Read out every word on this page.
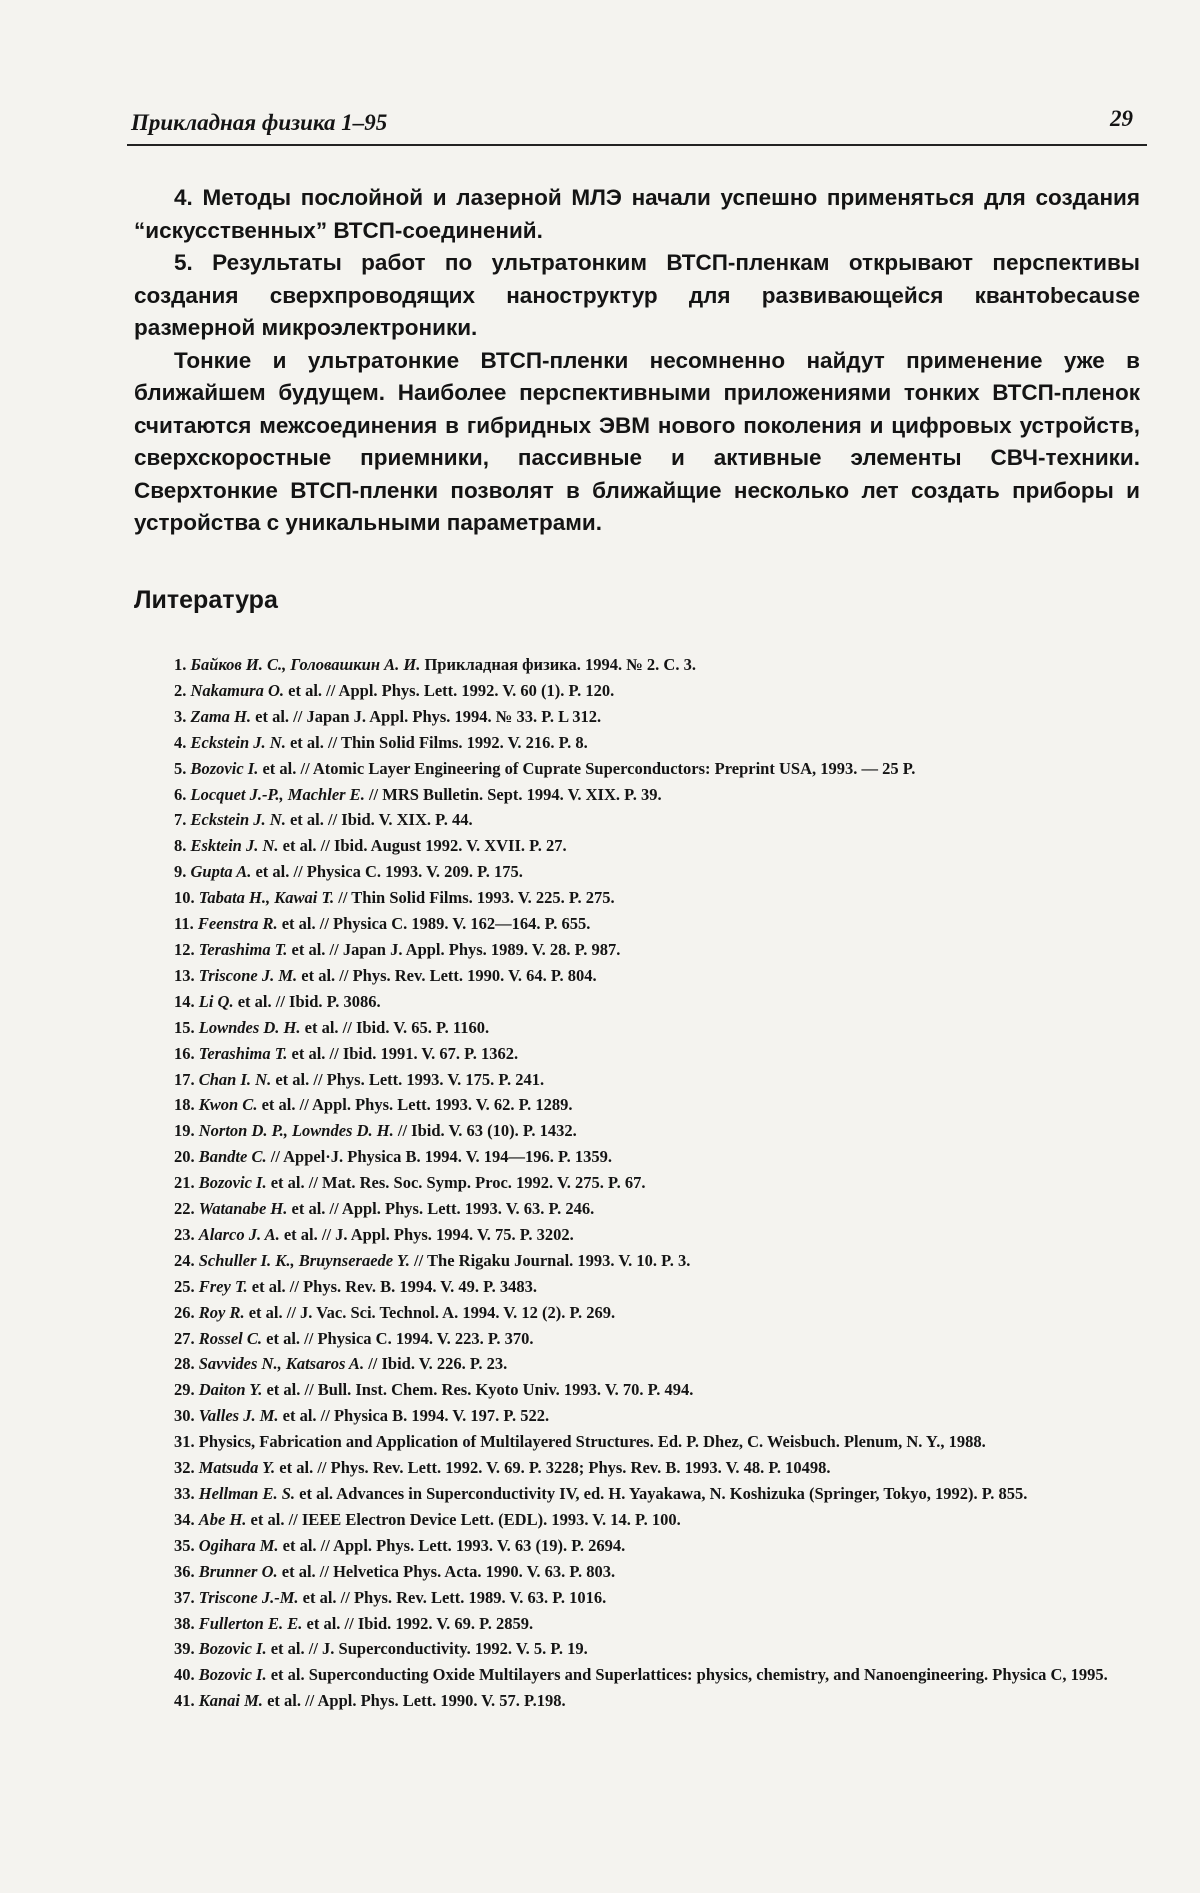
Прикладная физика 1–95	29

4. Методы послойной и лазерной МЛЭ начали успешно применяться для создания “искусственных” ВТСП-соединений.

5. Результаты работ по ультратонким ВТСП-пленкам открывают перспективы создания сверхпроводящих наноструктур для развивающейся квантоbecause размерной микроэлектроники.

Тонкие и ультратонкие ВТСП-пленки несомненно найдут применение уже в ближайшем будущем. Наиболее перспективными приложениями тонких ВТСП-пленок считаются межсоединения в гибридных ЭВМ нового поколения и цифровых устройств, сверхскоростные приемники, пассивные и активные элементы СВЧ-техники. Сверхтонкие ВТСП-пленки позволят в ближайщие несколько лет создать приборы и устройства с уникальными параметрами.

Литература
1. Байков И. С., Головашкин А. И. Прикладная физика. 1994. № 2. С. 3.
2. Nakamura O. et al. // Appl. Phys. Lett. 1992. V. 60 (1). P. 120.
3. Zama H. et al. // Japan J. Appl. Phys. 1994. № 33. P. L 312.
4. Eckstein J. N. et al. // Thin Solid Films. 1992. V. 216. P. 8.
5. Bozovic I. et al. // Atomic Layer Engineering of Cuprate Superconductors: Preprint USA, 1993. — 25 P.
6. Locquet J.-P., Machler E. // MRS Bulletin. Sept. 1994. V. XIX. P. 39.
7. Eckstein J. N. et al. // Ibid. V. XIX. P. 44.
8. Esktein J. N. et al. // Ibid. August 1992. V. XVII. P. 27.
9. Gupta A. et al. // Physica C. 1993. V. 209. P. 175.
10. Tabata H., Kawai T. // Thin Solid Films. 1993. V. 225. P. 275.
11. Feenstra R. et al. // Physica C. 1989. V. 162—164. P. 655.
12. Terashima T. et al. // Japan J. Appl. Phys. 1989. V. 28. P. 987.
13. Triscone J. M. et al. // Phys. Rev. Lett. 1990. V. 64. P. 804.
14. Li Q. et al. // Ibid. P. 3086.
15. Lowndes D. H. et al. // Ibid. V. 65. P. 1160.
16. Terashima T. et al. // Ibid. 1991. V. 67. P. 1362.
17. Chan I. N. et al. // Phys. Lett. 1993. V. 175. P. 241.
18. Kwon C. et al. // Appl. Phys. Lett. 1993. V. 62. P. 1289.
19. Norton D. P., Lowndes D. H. // Ibid. V. 63 (10). P. 1432.
20. Bandte C. // Appel·J. Physica B. 1994. V. 194—196. P. 1359.
21. Bozovic I. et al. // Mat. Res. Soc. Symp. Proc. 1992. V. 275. P. 67.
22. Watanabe H. et al. // Appl. Phys. Lett. 1993. V. 63. P. 246.
23. Alarco J. A. et al. // J. Appl. Phys. 1994. V. 75. P. 3202.
24. Schuller I. K., Bruynseraede Y. // The Rigaku Journal. 1993. V. 10. P. 3.
25. Frey T. et al. // Phys. Rev. B. 1994. V. 49. P. 3483.
26. Roy R. et al. // J. Vac. Sci. Technol. A. 1994. V. 12 (2). P. 269.
27. Rossel C. et al. // Physica C. 1994. V. 223. P. 370.
28. Savvides N., Katsaros A. // Ibid. V. 226. P. 23.
29. Daiton Y. et al. // Bull. Inst. Chem. Res. Kyoto Univ. 1993. V. 70. P. 494.
30. Valles J. M. et al. // Physica B. 1994. V. 197. P. 522.
31. Physics, Fabrication and Application of Multilayered Structures. Ed. P. Dhez, C. Weisbuch. Plenum, N. Y., 1988.
32. Matsuda Y. et al. // Phys. Rev. Lett. 1992. V. 69. P. 3228; Phys. Rev. B. 1993. V. 48. P. 10498.
33. Hellman E. S. et al. Advances in Superconductivity IV, ed. H. Yayakawa, N. Koshizuka (Springer, Tokyo, 1992). P. 855.
34. Abe H. et al. // IEEE Electron Device Lett. (EDL). 1993. V. 14. P. 100.
35. Ogihara M. et al. // Appl. Phys. Lett. 1993. V. 63 (19). P. 2694.
36. Brunner O. et al. // Helvetica Phys. Acta. 1990. V. 63. P. 803.
37. Triscone J.-M. et al. // Phys. Rev. Lett. 1989. V. 63. P. 1016.
38. Fullerton E. E. et al. // Ibid. 1992. V. 69. P. 2859.
39. Bozovic I. et al. // J. Superconductivity. 1992. V. 5. P. 19.
40. Bozovic I. et al. Superconducting Oxide Multilayers and Superlattices: physics, chemistry, and Nanoengineering. Physica C, 1995.
41. Kanai M. et al. // Appl. Phys. Lett. 1990. V. 57. P.198.
